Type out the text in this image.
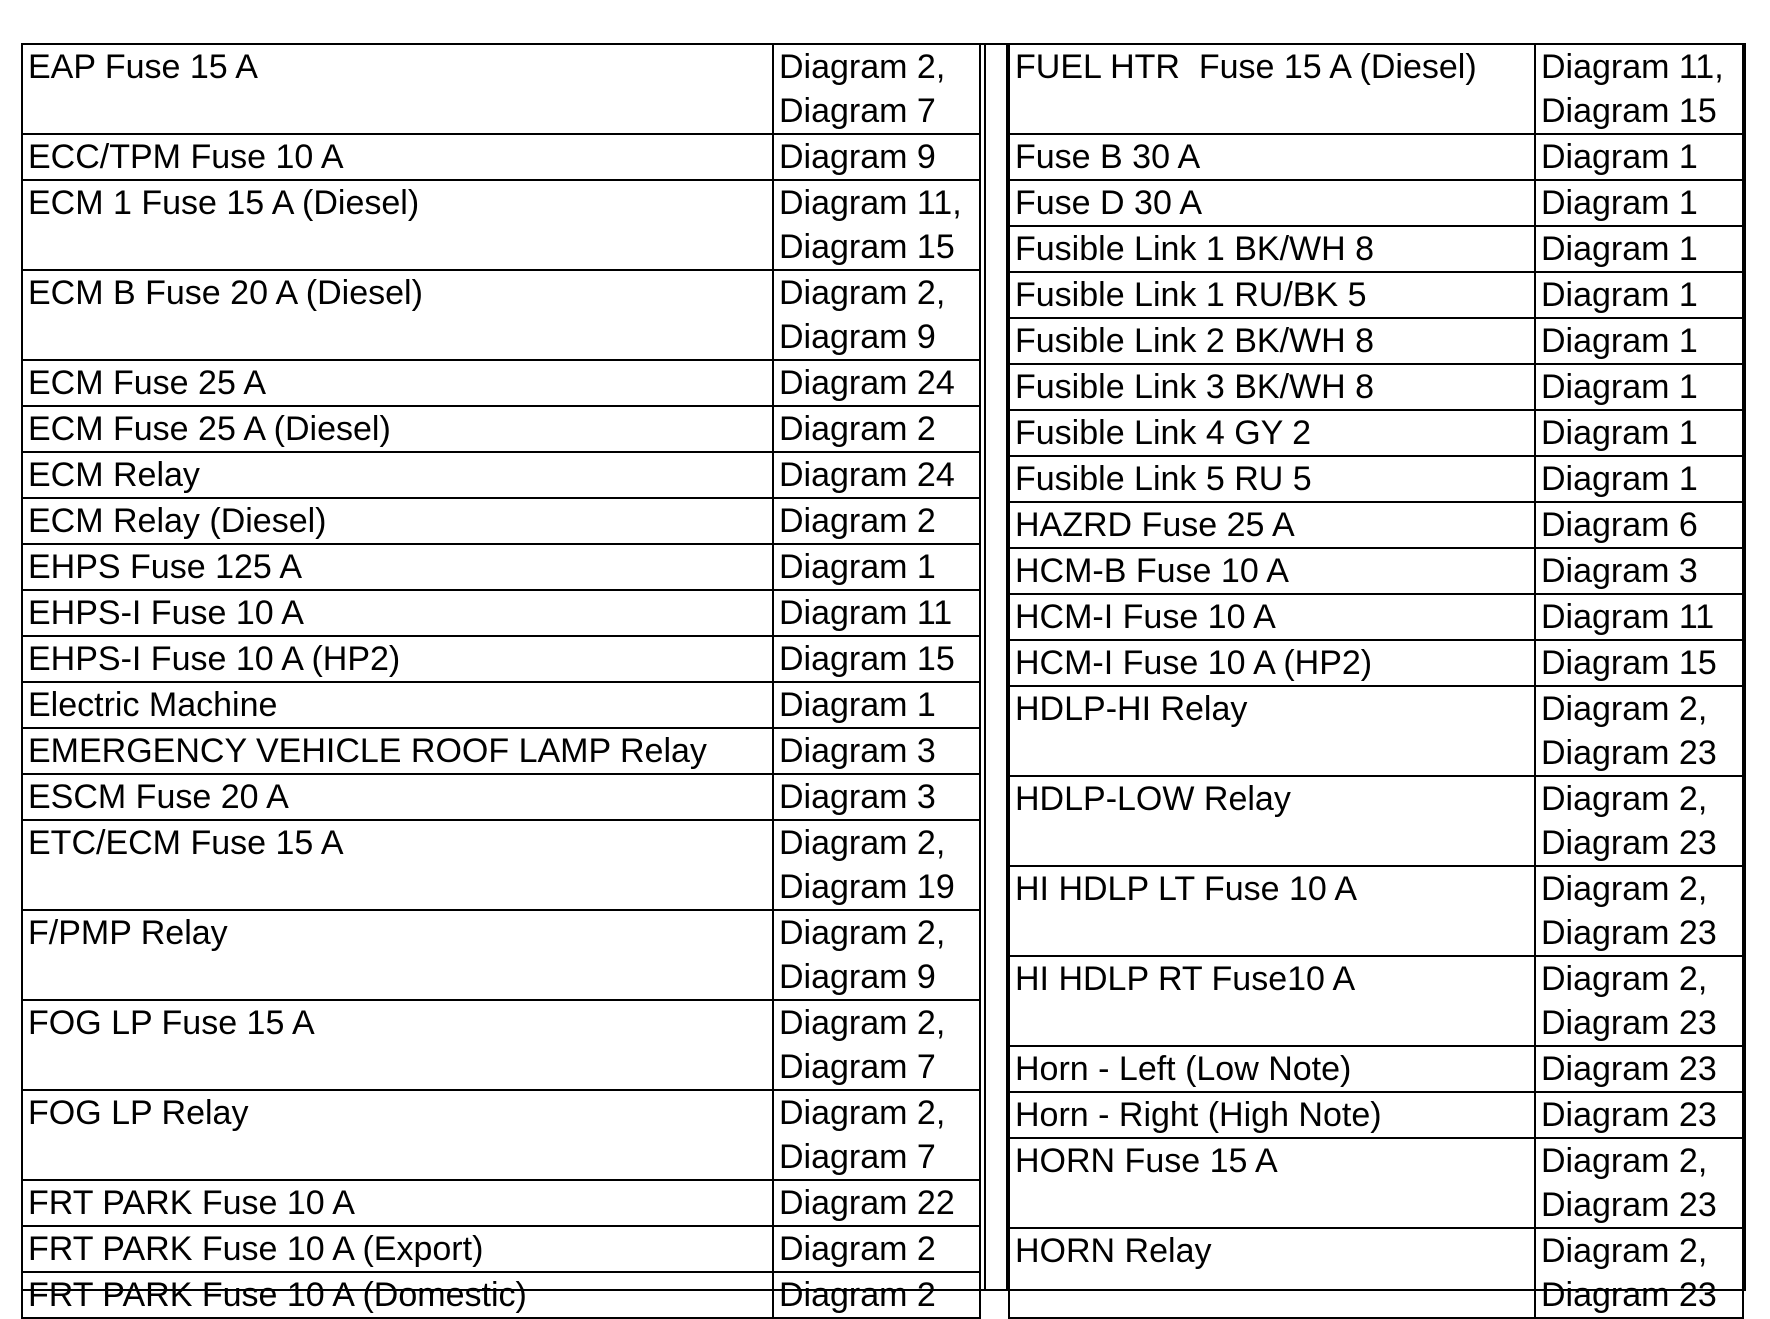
EAP Fuse 15 A	Diagram 2,
Diagram 7

ECC/TPM Fuse 10 A	Diagram 9

ECM 1 Fuse 15 A (Diesel)	Diagram 11,
Diagram 15

ECM B Fuse 20 A (Diesel)	Diagram 2,
Diagram 9

ECM Fuse 25 A	Diagram 24

ECM Fuse 25 A (Diesel)	Diagram 2

ECM Relay	Diagram 24

ECM Relay (Diesel)	Diagram 2

EHPS Fuse 125 A	Diagram 1

EHPS-I Fuse 10 A	Diagram 11

EHPS-I Fuse 10 A (HP2)	Diagram 15

Electric Machine	Diagram 1

EMERGENCY VEHICLE ROOF LAMP Relay	Diagram 3

ESCM Fuse 20 A	Diagram 3

ETC/ECM Fuse 15 A	Diagram 2,
Diagram 19

F/PMP Relay	Diagram 2,
Diagram 9

FOG LP Fuse 15 A	Diagram 2,
Diagram 7

FOG LP Relay	Diagram 2,
Diagram 7

FRT PARK Fuse 10 A	Diagram 22

FRT PARK Fuse 10 A (Export)	Diagram 2

FRT PARK Fuse 10 A (Domestic)	Diagram 2
FUEL HTR  Fuse 15 A (Diesel)	Diagram 11,
Diagram 15

Fuse B 30 A	Diagram 1

Fuse D 30 A	Diagram 1

Fusible Link 1 BK/WH 8	Diagram 1

Fusible Link 1 RU/BK 5	Diagram 1

Fusible Link 2 BK/WH 8	Diagram 1

Fusible Link 3 BK/WH 8	Diagram 1

Fusible Link 4 GY 2	Diagram 1

Fusible Link 5 RU 5	Diagram 1

HAZRD Fuse 25 A	Diagram 6

HCM-B Fuse 10 A	Diagram 3

HCM-I Fuse 10 A	Diagram 11

HCM-I Fuse 10 A (HP2)	Diagram 15

HDLP-HI Relay	Diagram 2,
Diagram 23

HDLP-LOW Relay	Diagram 2,
Diagram 23

HI HDLP LT Fuse 10 A	Diagram 2,
Diagram 23

HI HDLP RT Fuse10 A	Diagram 2,
Diagram 23

Horn - Left (Low Note)	Diagram 23

Horn - Right (High Note)	Diagram 23

HORN Fuse 15 A	Diagram 2,
Diagram 23

HORN Relay	Diagram 2,
Diagram 23
